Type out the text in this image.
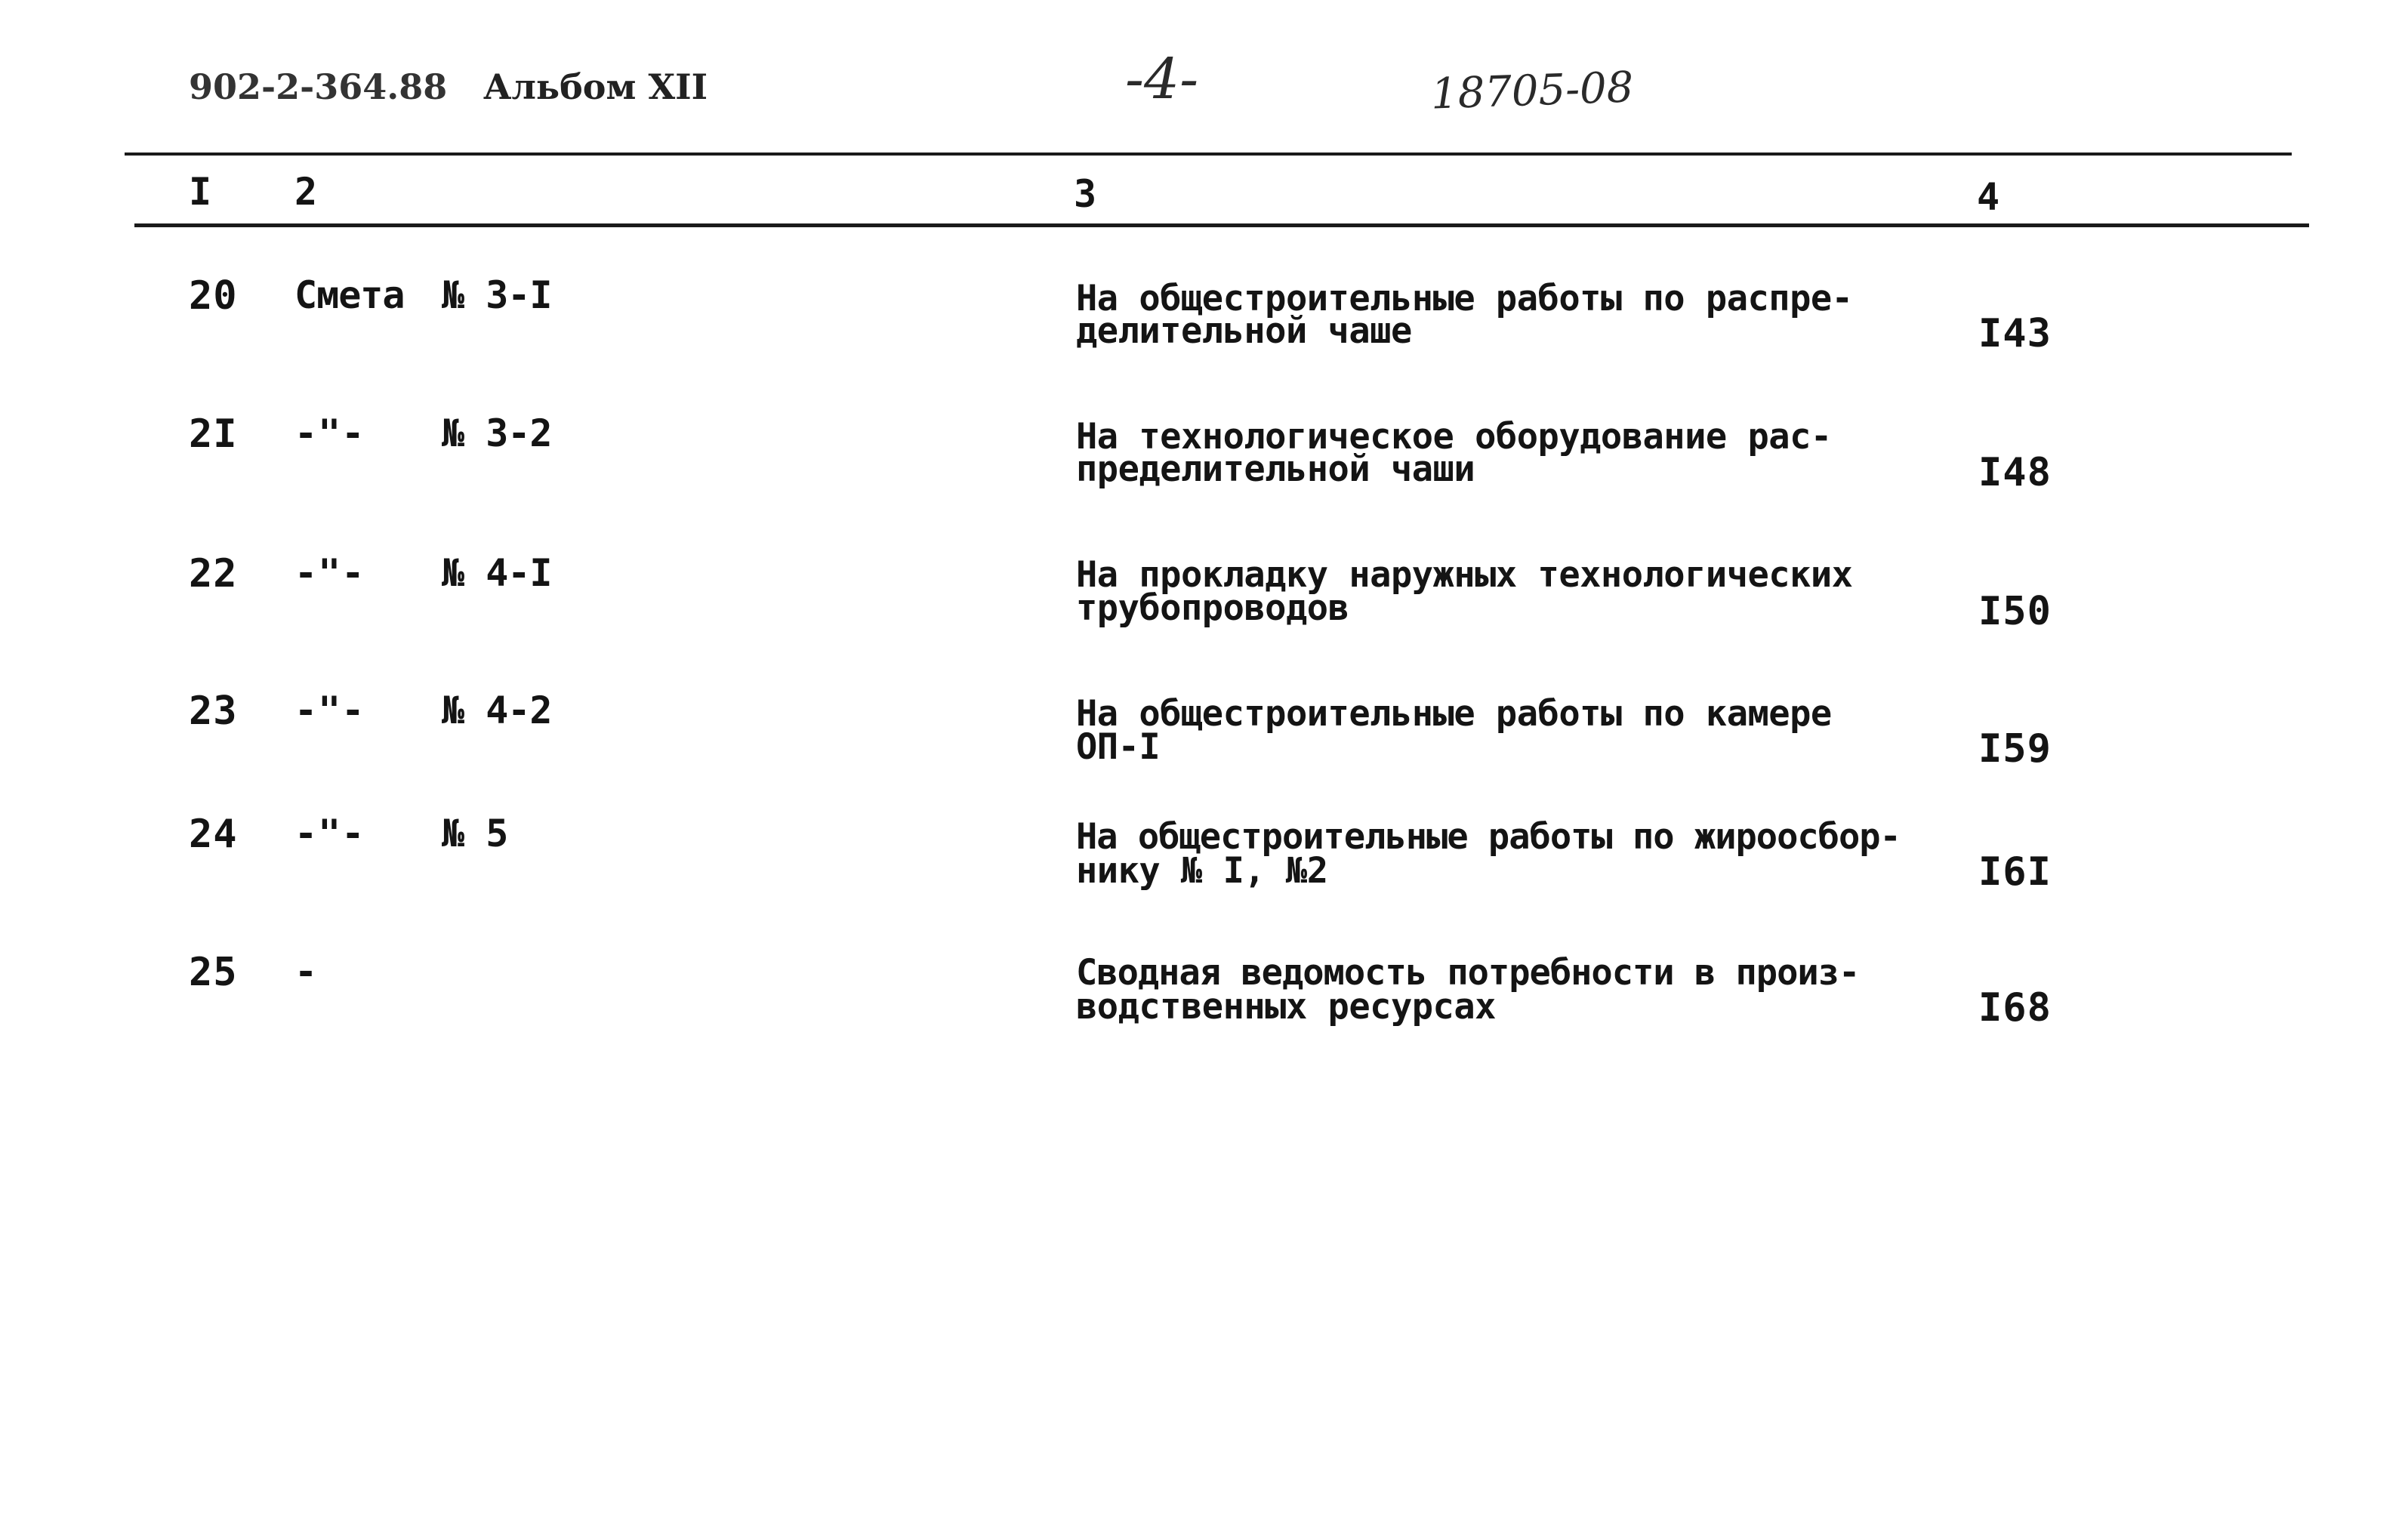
902-2-364.88 Альбом XII	-4-	18705-08
I 2	3	4
20 Смета № 3-I	На общестроительные работы по распре-
делительной чаше	I43
2I -"- № 3-2	На технологическое оборудование рас-
пределительной чаши	I48
22 -"- № 4-I	На прокладку наружных технологических
трубопроводов	I50
23 -"- № 4-2	На общестроительные работы по камере
ОП-I	I59
24 -"- № 5	На общестроительные работы по жироосбор-
нику № I, №2	I6I
25 -	Сводная ведомость потребности в произ-
водственных ресурсах	I68
